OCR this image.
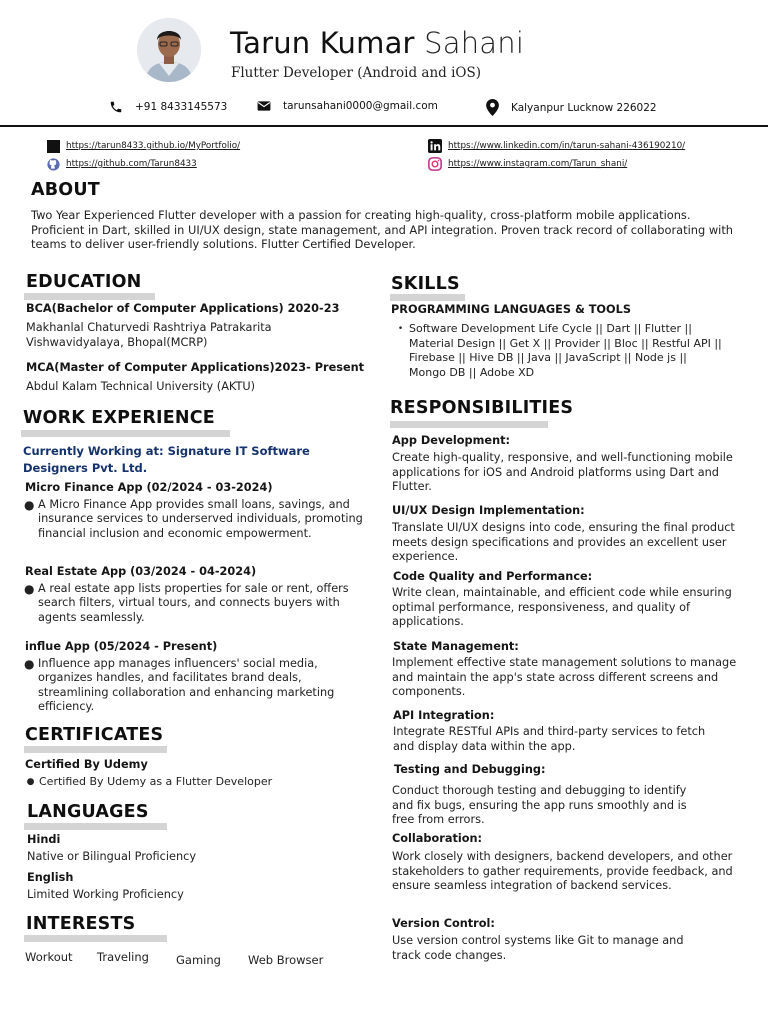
Tarun Kumar Sahani
Flutter Developer (Android and iOS)
+91 8433145573	tarunsahani0000@gmail.com	Kalyanpur Lucknow 226022
https://tarun8433.github.io/MyPortfolio/
https://github.com/Tarun8433
https://www.linkedin.com/in/tarun-sahani-436190210/
https://www.instagram.com/Tarun_shani/
ABOUT
Two Year Experienced Flutter developer with a passion for creating high-quality, cross-platform mobile applications. Proficient in Dart, skilled in UI/UX design, state management, and API integration. Proven track record of collaborating with teams to deliver user-friendly solutions. Flutter Certified Developer.
EDUCATION
BCA(Bachelor of Computer Applications) 2020-23
Makhanlal Chaturvedi Rashtriya Patrakarita Vishwavidyalaya, Bhopal(MCRP)
MCA(Master of Computer Applications)2023- Present
Abdul Kalam Technical University (AKTU)
WORK EXPERIENCE
Currently Working at: Signature IT Software Designers Pvt. Ltd.
Micro Finance App (02/2024 - 03-2024)
● A Micro Finance App provides small loans, savings, and insurance services to underserved individuals, promoting financial inclusion and economic empowerment.
Real Estate App (03/2024 - 04-2024)
● A real estate app lists properties for sale or rent, offers search filters, virtual tours, and connects buyers with agents seamlessly.
influe App (05/2024 - Present)
● Influence app manages influencers' social media, organizes handles, and facilitates brand deals, streamlining collaboration and enhancing marketing efficiency.
CERTIFICATES
Certified By Udemy
● Certified By Udemy as a Flutter Developer
LANGUAGES
Hindi
Native or Bilingual Proficiency
English
Limited Working Proficiency
INTERESTS
Workout Traveling Gaming Web Browser
SKILLS
PROGRAMMING LANGUAGES & TOOLS
• Software Development Life Cycle || Dart || Flutter || Material Design || Get X || Provider || Bloc || Restful API || Firebase || Hive DB || Java || JavaScript || Node js || Mongo DB || Adobe XD
RESPONSIBILITIES
App Development:
Create high-quality, responsive, and well-functioning mobile applications for iOS and Android platforms using Dart and Flutter.
UI/UX Design Implementation:
Translate UI/UX designs into code, ensuring the final product meets design specifications and provides an excellent user experience.
Code Quality and Performance:
Write clean, maintainable, and efficient code while ensuring optimal performance, responsiveness, and quality of applications.
State Management:
Implement effective state management solutions to manage and maintain the app's state across different screens and components.
API Integration:
Integrate RESTful APIs and third-party services to fetch and display data within the app.
Testing and Debugging:
Conduct thorough testing and debugging to identify and fix bugs, ensuring the app runs smoothly and is free from errors.
Collaboration:
Work closely with designers, backend developers, and other stakeholders to gather requirements, provide feedback, and ensure seamless integration of backend services.
Version Control:
Use version control systems like Git to manage and track code changes.
